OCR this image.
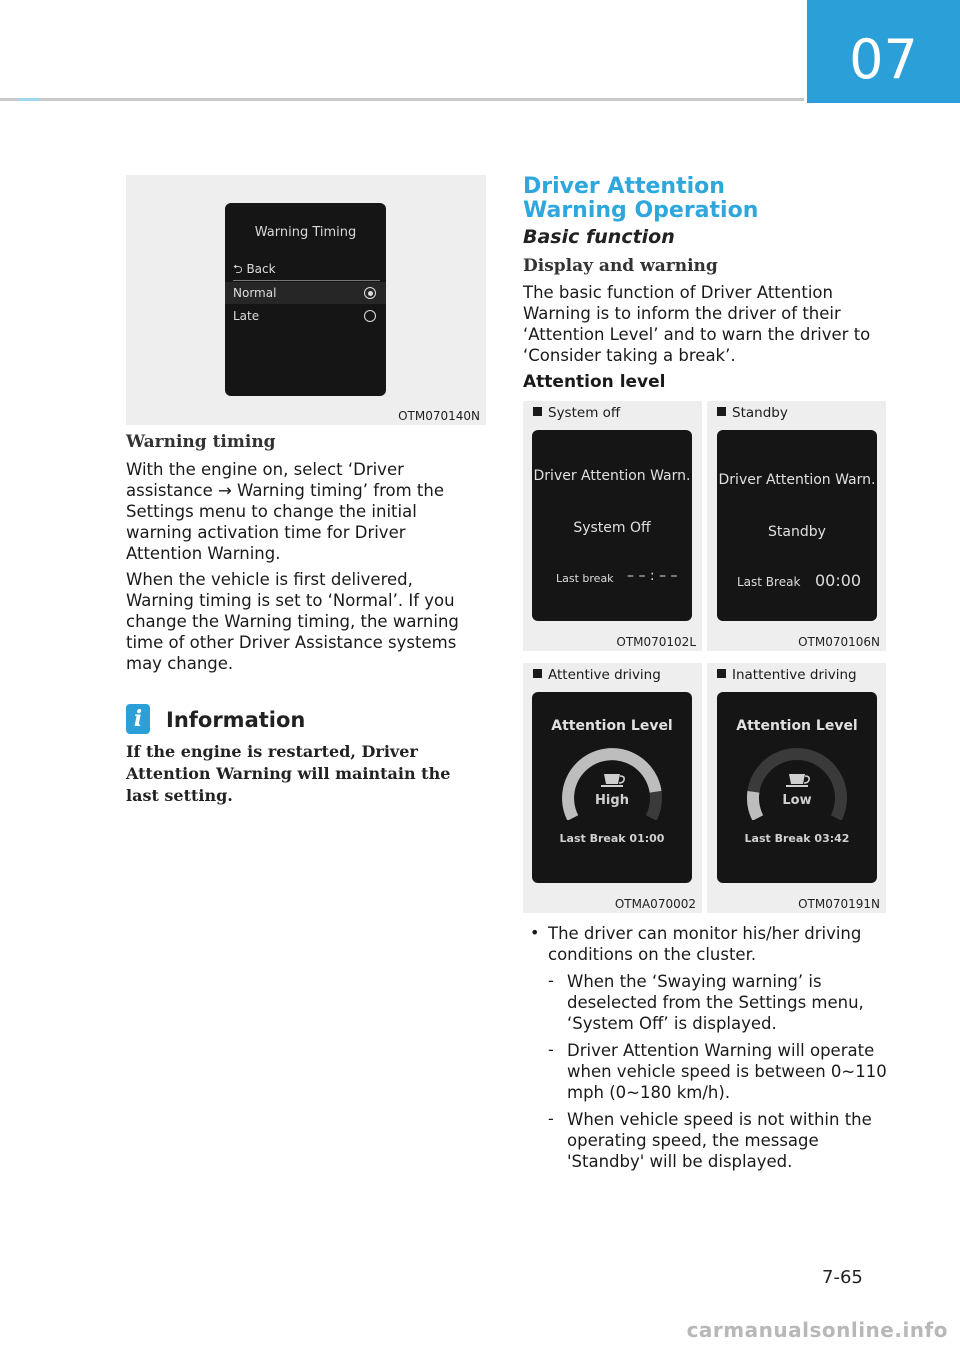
07
Warning Timing
⮌ Back
Normal
Late
OTM070140N
Warning timing

With the engine on, select ‘Driver assistance → Warning timing’ from the Settings menu to change the initial warning activation time for Driver Attention Warning.

When the vehicle is first delivered, Warning timing is set to ‘Normal’. If you change the Warning timing, the warning time of other Driver Assistance systems may change.

i	Information

If the engine is restarted, Driver Attention Warning will maintain the last setting.

Driver Attention Warning Operation
Basic function
Display and warning

The basic function of Driver Attention Warning is to inform the driver of their ‘Attention Level’ and to warn the driver to ‘Consider taking a break’.

Attention level
System off
Driver Attention Warn.
System Off
Last break – – : – –
OTM070102L
Standby
Driver Attention Warn.
Standby
Last Break 00:00
OTM070106N
Attentive driving
Attention Level
High
Last Break 01:00
OTMA070002
Inattentive driving
Attention Level
Low
Last Break 03:42
OTM070191N
• The driver can monitor his/her driving conditions on the cluster.

- When the ‘Swaying warning’ is deselected from the Settings menu, ‘System Off’ is displayed.

- Driver Attention Warning will operate when vehicle speed is between 0~110 mph (0~180 km/h).

- When vehicle speed is not within the operating speed, the message 'Standby' will be displayed.

7-65
carmanualsonline.info
